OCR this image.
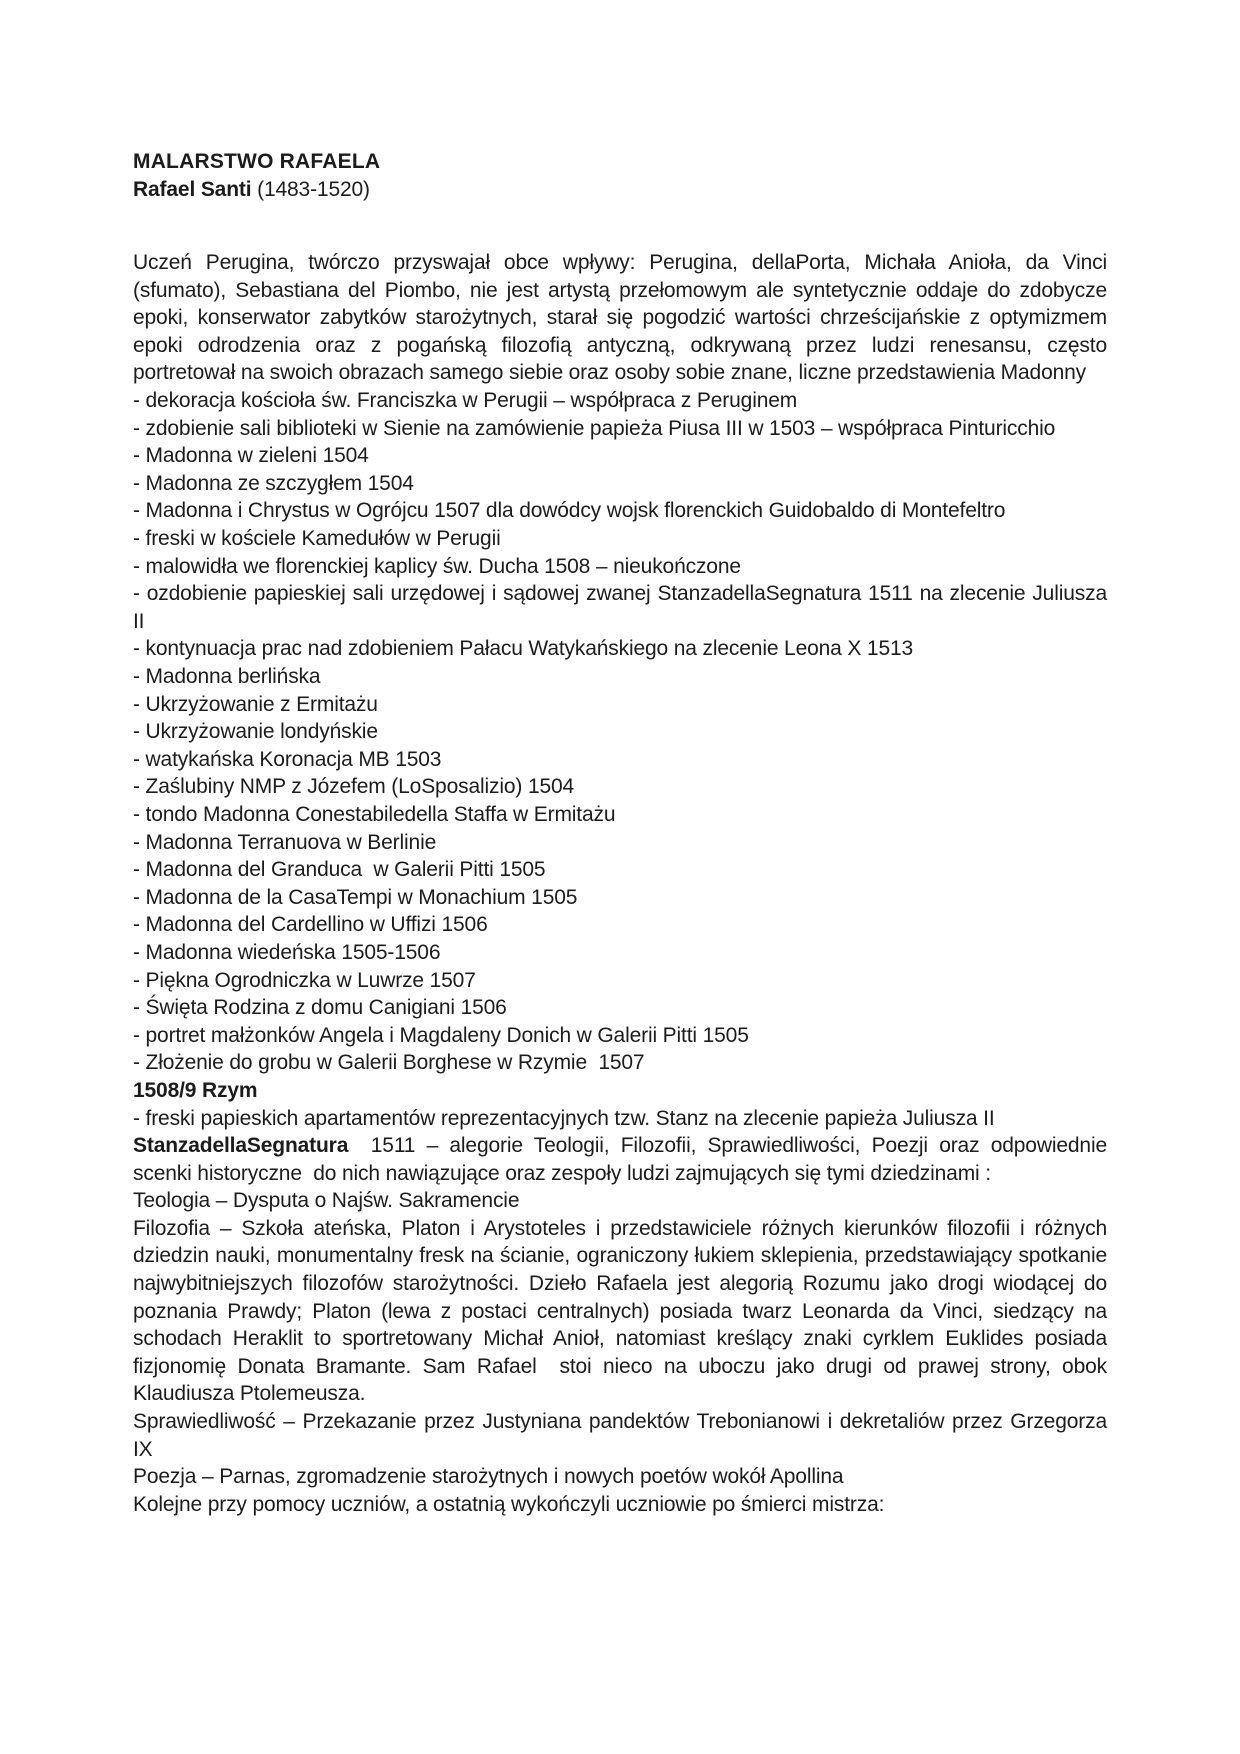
MALARSTWO RAFAELA

Rafael Santi (1483-1520)

Uczeń Perugina, twórczo przyswajał obce wpływy: Perugina, dellaPorta, Michała Anioła, da Vinci (sfumato), Sebastiana del Piombo, nie jest artystą przełomowym ale syntetycznie oddaje do zdobycze epoki, konserwator zabytków starożytnych, starał się pogodzić wartości chrześcijańskie z optymizmem epoki odrodzenia oraz z pogańską filozofią antyczną, odkrywaną przez ludzi renesansu, często portretował na swoich obrazach samego siebie oraz osoby sobie znane, liczne przedstawienia Madonny

- dekoracja kościoła św. Franciszka w Perugii – współpraca z Peruginem

- zdobienie sali biblioteki w Sienie na zamówienie papieża Piusa III w 1503 – współpraca Pinturicchio

- Madonna w zieleni 1504

- Madonna ze szczygłem 1504

- Madonna i Chrystus w Ogrójcu 1507 dla dowódcy wojsk florenckich Guidobaldo di Montefeltro

- freski w kościele Kamedułów w Perugii

- malowidła we florenckiej kaplicy św. Ducha 1508 – nieukończone

- ozdobienie papieskiej sali urzędowej i sądowej zwanej StanzadellaSegnatura 1511 na zlecenie Juliusza II

- kontynuacja prac nad zdobieniem Pałacu Watykańskiego na zlecenie Leona X 1513

- Madonna berlińska

- Ukrzyżowanie z Ermitażu

- Ukrzyżowanie londyńskie

- watykańska Koronacja MB 1503

- Zaślubiny NMP z Józefem (LoSposalizio) 1504

- tondo Madonna Conestabiledella Staffa w Ermitażu

- Madonna Terranuova w Berlinie

- Madonna del Granduca  w Galerii Pitti 1505

- Madonna de la CasaTempi w Monachium 1505

- Madonna del Cardellino w Uffizi 1506

- Madonna wiedeńska 1505-1506

- Piękna Ogrodniczka w Luwrze 1507

- Święta Rodzina z domu Canigiani 1506

- portret małżonków Angela i Magdaleny Donich w Galerii Pitti 1505

- Złożenie do grobu w Galerii Borghese w Rzymie  1507

1508/9 Rzym

- freski papieskich apartamentów reprezentacyjnych tzw. Stanz na zlecenie papieża Juliusza II

StanzadellaSegnatura  1511 – alegorie Teologii, Filozofii, Sprawiedliwości, Poezji oraz odpowiednie scenki historyczne  do nich nawiązujące oraz zespoły ludzi zajmujących się tymi dziedzinami :

Teologia – Dysputa o Najśw. Sakramencie

Filozofia – Szkoła ateńska, Platon i Arystoteles i przedstawiciele różnych kierunków filozofii i różnych dziedzin nauki, monumentalny fresk na ścianie, ograniczony łukiem sklepienia, przedstawiający spotkanie najwybitniejszych filozofów starożytności. Dzieło Rafaela jest alegorią Rozumu jako drogi wiodącej do poznania Prawdy; Platon (lewa z postaci centralnych) posiada twarz Leonarda da Vinci, siedzący na schodach Heraklit to sportretowany Michał Anioł, natomiast kreślący znaki cyrklem Euklides posiada fizjonomię Donata Bramante. Sam Rafael  stoi nieco na uboczu jako drugi od prawej strony, obok Klaudiusza Ptolemeusza.

Sprawiedliwość – Przekazanie przez Justyniana pandektów Trebonianowi i dekretaliów przez Grzegorza IX

Poezja – Parnas, zgromadzenie starożytnych i nowych poetów wokół Apollina

Kolejne przy pomocy uczniów, a ostatnią wykończyli uczniowie po śmierci mistrza:
